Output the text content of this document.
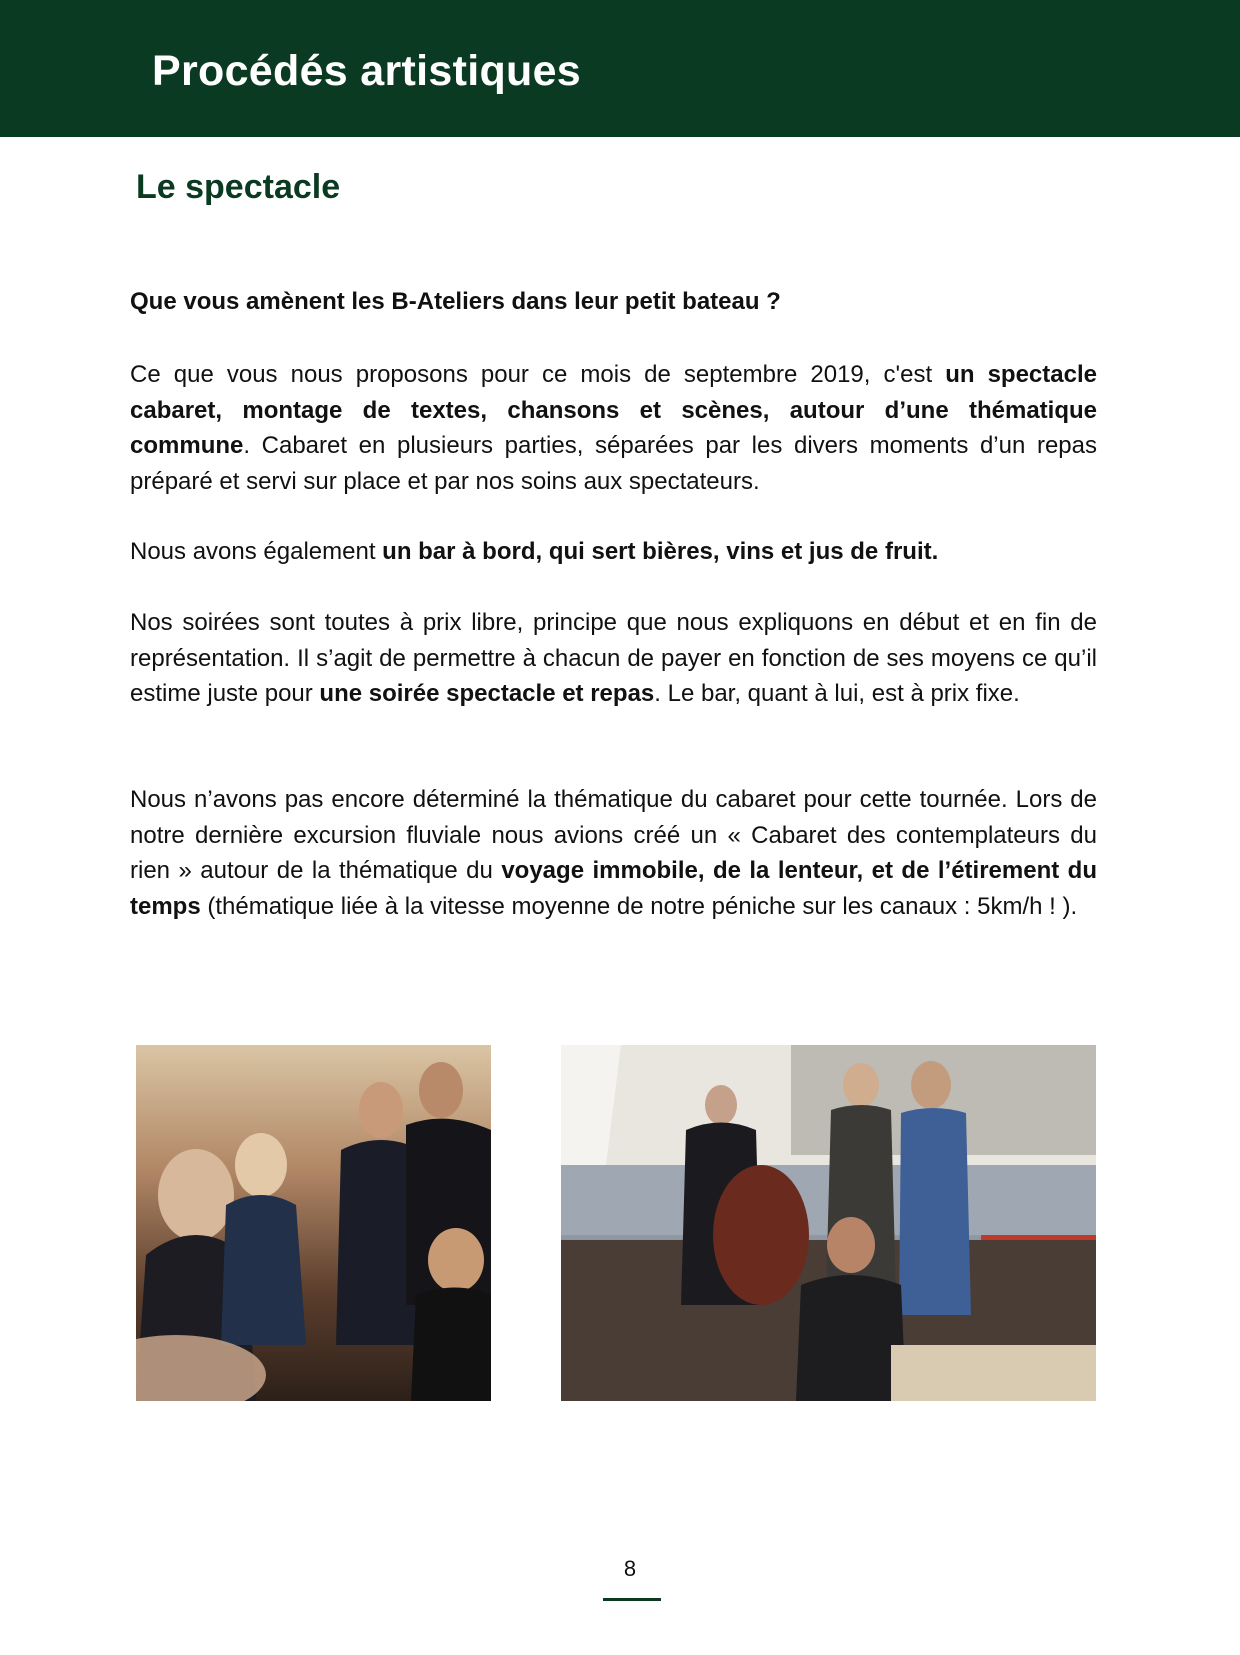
Procédés artistiques
Le spectacle

Que vous amènent les B-Ateliers dans leur petit bateau ?

Ce que vous nous proposons pour ce mois de septembre 2019, c'est un spectacle cabaret, montage de textes, chansons et scènes, autour d’une thématique commune. Cabaret en plusieurs parties, séparées par les divers moments d’un repas préparé et servi sur place et par nos soins aux spectateurs.

Nous avons également un bar à bord, qui sert bières, vins et jus de fruit.

Nos soirées sont toutes à prix libre, principe que nous expliquons en début et en fin de représentation. Il s’agit de permettre à chacun de payer en fonction de ses moyens ce qu’il estime juste pour une soirée spectacle et repas. Le bar, quant à lui, est à prix fixe.

Nous n’avons pas encore déterminé la thématique du cabaret pour cette tournée. Lors de notre dernière excursion fluviale nous avions créé un « Cabaret des contemplateurs du rien » autour de la thématique du voyage immobile, de la lenteur, et de l’étirement du temps (thématique liée à la vitesse moyenne de notre péniche sur les canaux : 5km/h ! ).

8
